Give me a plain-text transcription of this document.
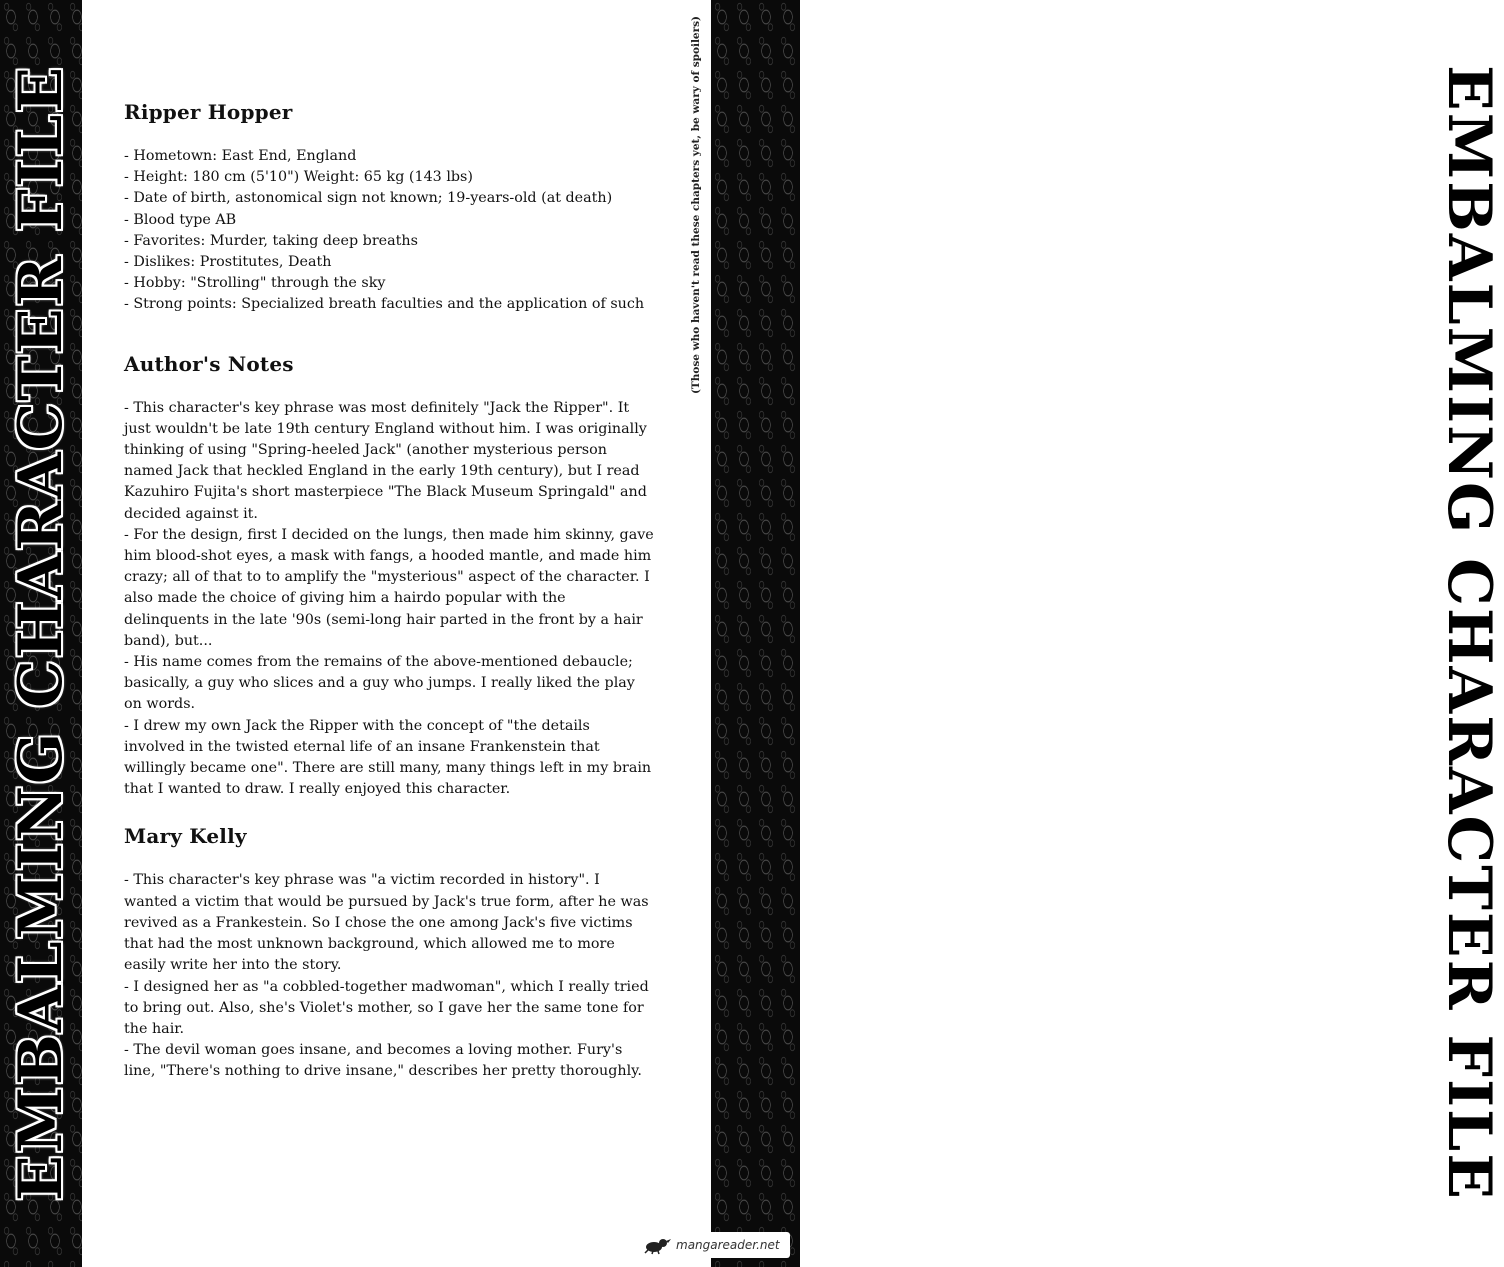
EMBALMING CHARACTER FILE	(Those who haven't read these chapters yet, be wary of spoilers)	EMBALMING CHARACTER FILE
Ripper Hopper
- Hometown: East End, England
- Height: 180 cm (5'10") Weight: 65 kg (143 lbs)
- Date of birth, astonomical sign not known; 19-years-old (at death)
- Blood type AB
- Favorites: Murder, taking deep breaths
- Dislikes: Prostitutes, Death
- Hobby: "Strolling" through the sky
- Strong points: Specialized breath faculties and the application of such
Author's Notes

- This character's key phrase was most definitely "Jack the Ripper". It just wouldn't be late 19th century England without him. I was originally thinking of using "Spring-heeled Jack" (another mysterious person named Jack that heckled England in the early 19th century), but I read Kazuhiro Fujita's short masterpiece "The Black Museum Springald" and decided against it.

- For the design, first I decided on the lungs, then made him skinny, gave him blood-shot eyes, a mask with fangs, a hooded mantle, and made him crazy; all of that to to amplify the "mysterious" aspect of the character. I also made the choice of giving him a hairdo popular with the delinquents in the late '90s (semi-long hair parted in the front by a hair band), but...

- His name comes from the remains of the above-mentioned debaucle; basically, a guy who slices and a guy who jumps. I really liked the play on words.

- I drew my own Jack the Ripper with the concept of "the details involved in the twisted eternal life of an insane Frankenstein that willingly became one". There are still many, many things left in my brain that I wanted to draw. I really enjoyed this character.

Mary Kelly

- This character's key phrase was "a victim recorded in history". I wanted a victim that would be pursued by Jack's true form, after he was revived as a Frankestein. So I chose the one among Jack's five victims that had the most unknown background, which allowed me to more easily write her into the story.

- I designed her as "a cobbled-together madwoman", which I really tried to bring out. Also, she's Violet's mother, so I gave her the same tone for the hair.

- The devil woman goes insane, and becomes a loving mother. Fury's line, "There's nothing to drive insane," describes her pretty thoroughly.

mangareader.net
